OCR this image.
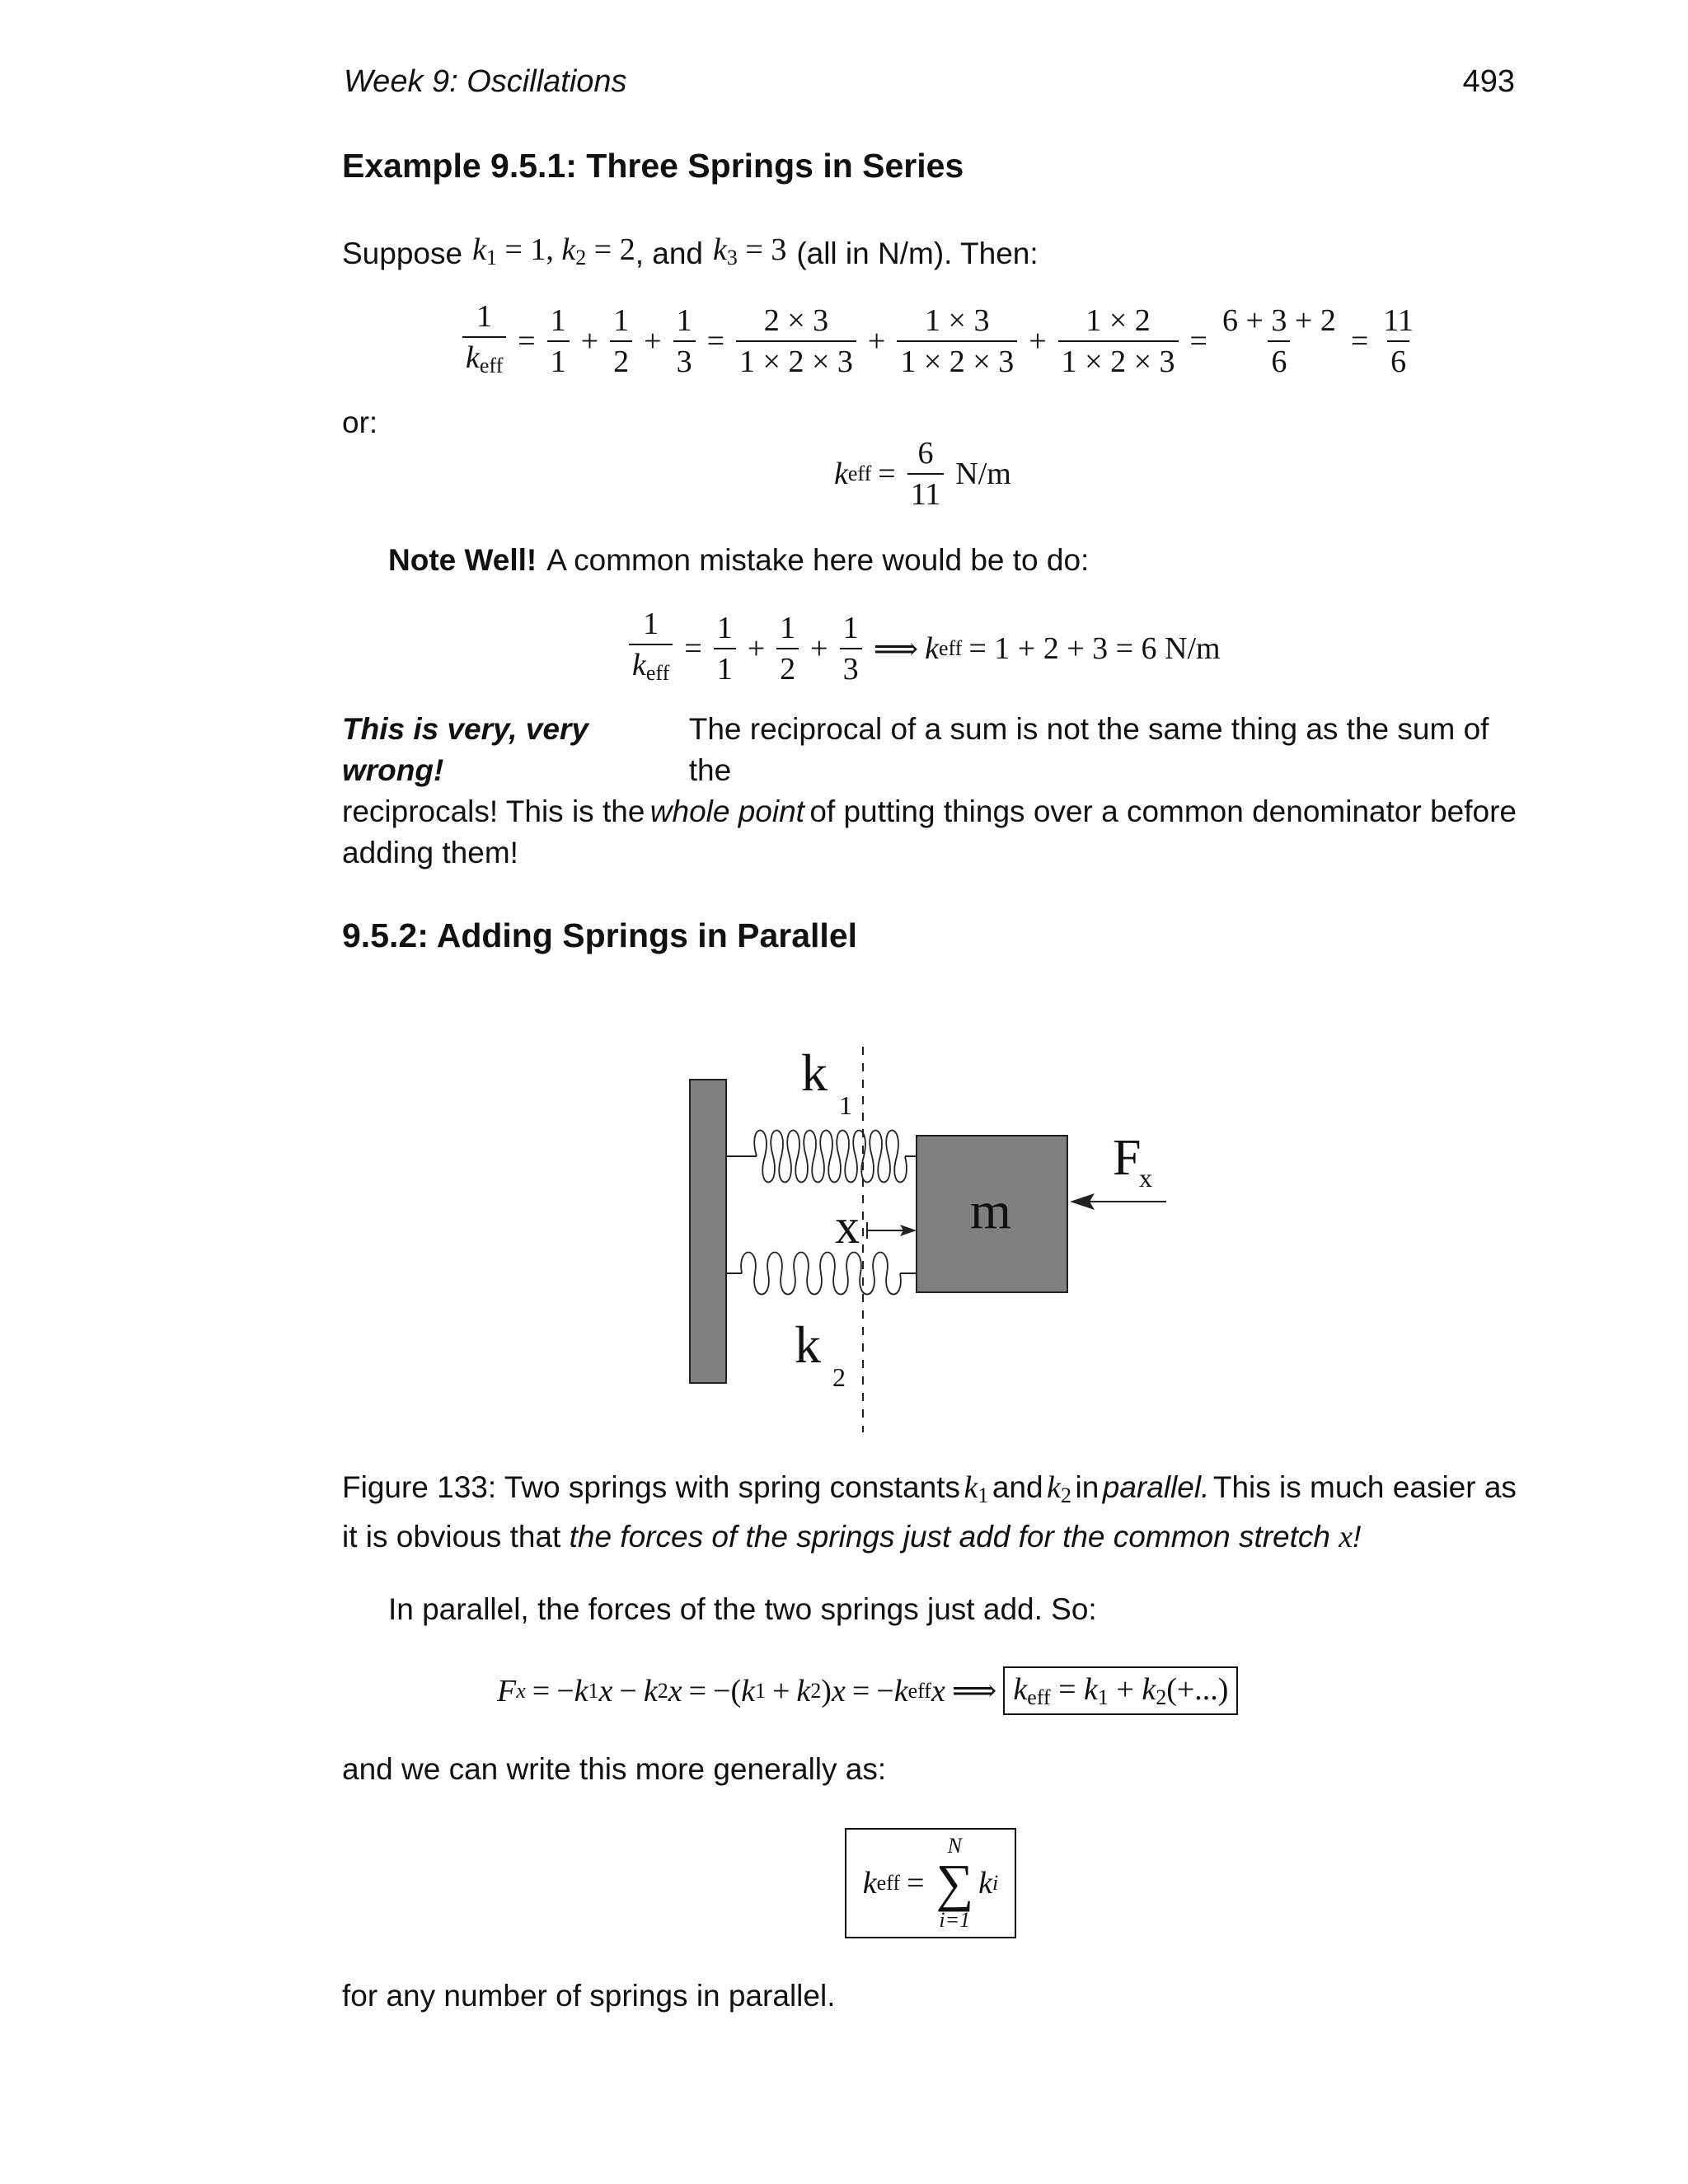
Week 9: Oscillations	493
Example 9.5.1: Three Springs in Series
Suppose $k_1 = 1$, $k_2 = 2$ , and $k_3 = 3$ (all in N/m). Then:
$\frac{1}{k_{eff}} = \frac{1}{1} + \frac{1}{2} + \frac{1}{3} = \frac{2 \times 3}{1 \times 2 \times 3} + \frac{1 \times 3}{1 \times 2 \times 3} + \frac{1 \times 2}{1 \times 2 \times 3} = \frac{6 + 3 + 2}{6} = \frac{11}{6}$
or:
k eff = $\frac{6}{11} N/m$
Note Well! A common mistake here would be to do:
$\frac{1}{k_{eff}} = \frac{1}{1} + \frac{1}{2} + \frac{1}{3}$ ⟹ k eff = 1 + 2 + 3 = 6 N/m
This is very, very wrong!
The reciprocal of a sum is not the same thing as the sum of the
reciprocals! This is the whole point of putting things over a common denominator before
adding them!
9.5.2: Adding Springs in Parallel
m
x
F
x
k
1
k
2
Figure 133: Two springs with spring constants $k_1$ and $k_2$ in parallel. This is much easier as
it is obvious that the forces of the springs just add for the common stretch x!
In parallel, the forces of the two springs just add. So:
F x = − k 1 x − k 2 x = −( k 1 + k 2 ) x = − k eff x ⟹ $k_{eff} = k_1 + k_2(+...)$
and we can write this more generally as:
k eff =
N
∑
i=1
k i
for any number of springs in parallel.
